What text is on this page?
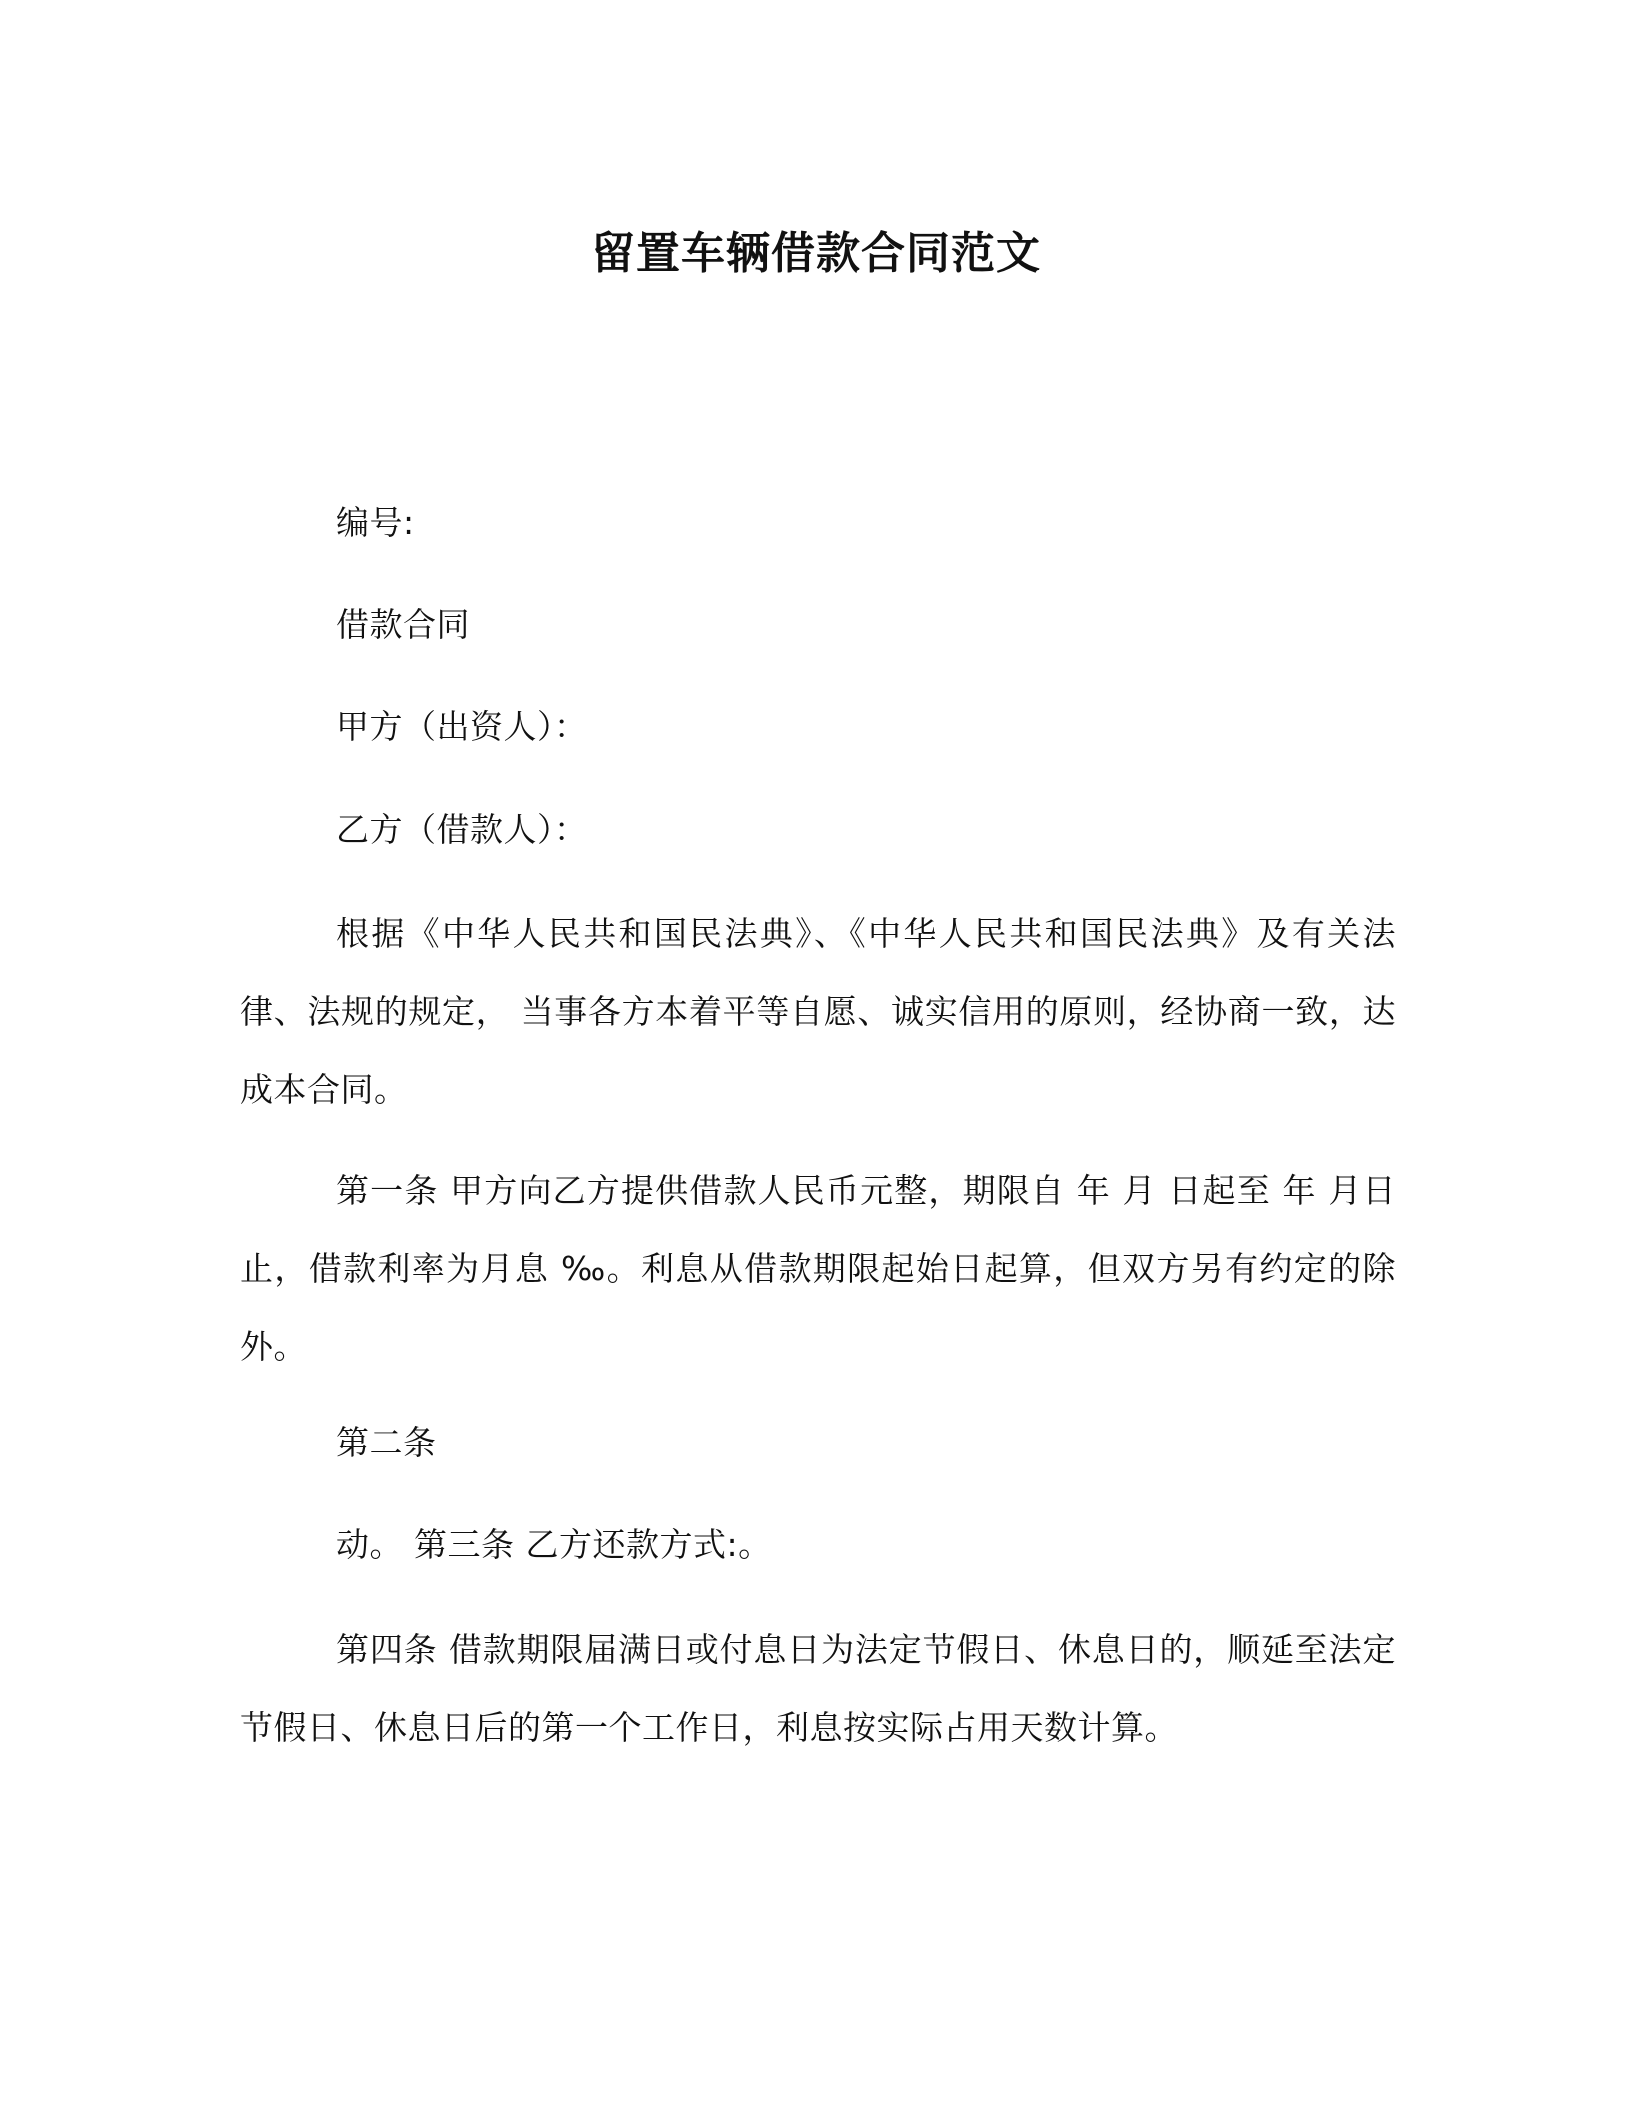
留置车辆借款合同范文

编号:

借款合同

甲方（出资人）：

乙方（借款人）：

根据《中华人民共和国民法典》、《中华人民共和国民法典》及有关法律、法规的规定， 当事各方本着平等自愿、诚实信用的原则，经协商一致，达成本合同。

第一条 甲方向乙方提供借款人民币元整，期限自 年 月 日起至 年 月日止，借款利率为月息 ‰。利息从借款期限起始日起算，但双方另有约定的除外。

第二条

动。 第三条 乙方还款方式:。

第四条 借款期限届满日或付息日为法定节假日、休息日的，顺延至法定节假日、休息日后的第一个工作日，利息按实际占用天数计算。
